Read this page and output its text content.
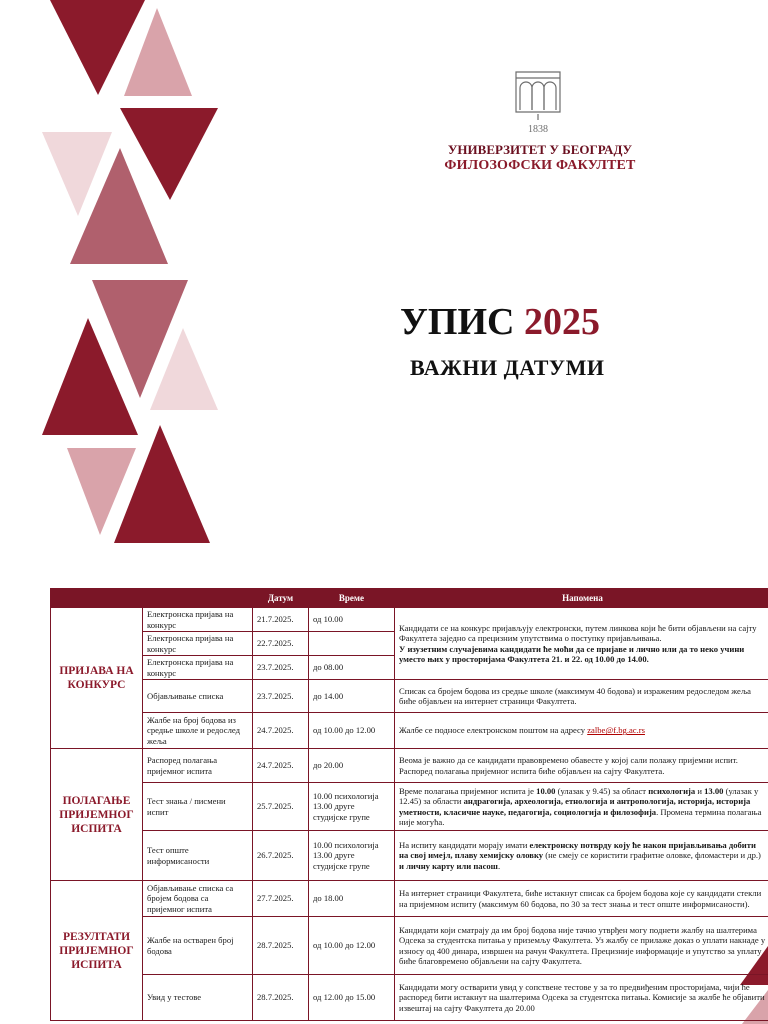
1838
УНИВЕРЗИТЕТ У БЕОГРАДУ
ФИЛОЗОФСКИ ФАКУЛТЕТ
УПИС 2025
ВАЖНИ ДАТУМИ
		Датум	Време	Напомена
ПРИЈАВА НА КОНКУРС	Електронска пријава на конкурс	21.7.2025.	од 10.00	Кандидати се на конкурс пријављују електронски, путем линкова који ће бити објављени на сајту Факултета заједно са прецизним упутствима о поступку пријављивања.
У изузетним случајевима кандидати ће моћи да се пријаве и лично или да то неко учини уместо њих у просторијама Факултета 21. и 22. од 10.00 до 14.00.
	Електронска пријава на конкурс	22.7.2025.		
	Електронска пријава на конкурс	23.7.2025.	до 08.00	
	Објављивање списка	23.7.2025.	до 14.00	Списак са бројем бодова из средње школе (максимум 40 бодова) и израженим редоследом жеља биће објављен на интернет страници Факултета.
	Жалбе на број бодова из средње школе и редослед жеља	24.7.2025.	од 10.00 до 12.00	Жалбе се подносе електронском поштом на адресу zalbe@f.bg.ac.rs
ПОЛАГАЊЕ ПРИЈЕМНОГ ИСПИТА	Распоред полагања пријемног испита	24.7.2025.	до 20.00	Веома је важно да се кандидати правовремено обавесте у којој сали полажу пријемни испит. Распоред полагања пријемног испита биће објављен на сајту Факултета.
	Тест знања / писмени испит	25.7.2025.	10.00 психологија 13.00 друге студијске групе	Време полагања пријемног испита је 10.00 (улазак у 9.45) за област психологија и 13.00 (улазак у 12.45) за области андрагогија, археологија, етнологија и антропологија, историја, историја уметности, класичне науке, педагогија, социологија и филозофија. Промена термина полагања није могућа.
	Тест опште информисаности	26.7.2025.	10.00 психологија 13.00 друге студијске групе	На испиту кандидати морају имати електронску потврду коју ће након пријављивања добити на свој имејл, плаву хемијску оловку (не смеју се користити графитне оловке, фломастери и др.) и личну карту или пасош.
РЕЗУЛТАТИ ПРИЈЕМНОГ ИСПИТА	Објављивање списка са бројем бодова са пријемног испита	27.7.2025.	до 18.00	На интернет страници Факултета, биће истакнут списак са бројем бодова које су кандидати стекли на пријемном испиту (максимум 60 бодова, по 30 за тест знања и тест опште информисаности).
	Жалбе на остварен број бодова	28.7.2025.	од 10.00 до 12.00	Кандидати који сматрају да им број бодова није тачно утврђен могу поднети жалбу на шалтерима Одсека за студентска питања у приземљу Факултета. Уз жалбу се прилаже доказ о уплати накнаде у износу од 400 динара, извршен на рачун Факултета. Прецизније информације и упутство за уплату биће благовремено објављени на сајту Факултета.
	Увид у тестове	28.7.2025.	од 12.00 до 15.00	Кандидати могу остварити увид у сопствене тестове у за то предвиђеним просторијама, чији ће распоред бити истакнут на шалтерима Одсека за студентска питања. Комисије за жалбе ће објавити извештај на сајту Факултета до 20.00
